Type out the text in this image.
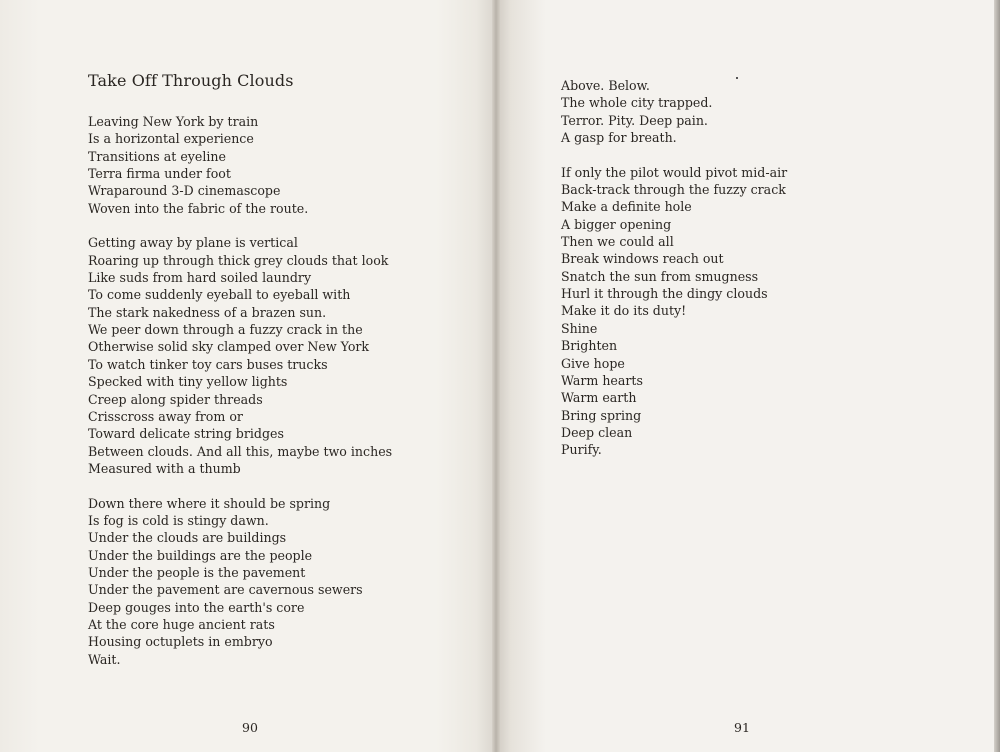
Take Off Through Clouds
Leaving New York by train
Is a horizontal experience
Transitions at eyeline
Terra firma under foot
Wraparound 3-D cinemascope
Woven into the fabric of the route.
Getting away by plane is vertical
Roaring up through thick grey clouds that look
Like suds from hard soiled laundry
To come suddenly eyeball to eyeball with
The stark nakedness of a brazen sun.
We peer down through a fuzzy crack in the
Otherwise solid sky clamped over New York
To watch tinker toy cars buses trucks
Specked with tiny yellow lights
Creep along spider threads
Crisscross away from or
Toward delicate string bridges
Between clouds. And all this, maybe two inches
Measured with a thumb
Down there where it should be spring
Is fog is cold is stingy dawn.
Under the clouds are buildings
Under the buildings are the people
Under the people is the pavement
Under the pavement are cavernous sewers
Deep gouges into the earth's core
At the core huge ancient rats
Housing octuplets in embryo
Wait.
90
Above. Below.
The whole city trapped.
Terror. Pity. Deep pain.
A gasp for breath.
If only the pilot would pivot mid-air
Back-track through the fuzzy crack
Make a definite hole
A bigger opening
Then we could all
Break windows reach out
Snatch the sun from smugness
Hurl it through the dingy clouds
Make it do its duty!
Shine
Brighten
Give hope
Warm hearts
Warm earth
Bring spring
Deep clean
Purify.
91
